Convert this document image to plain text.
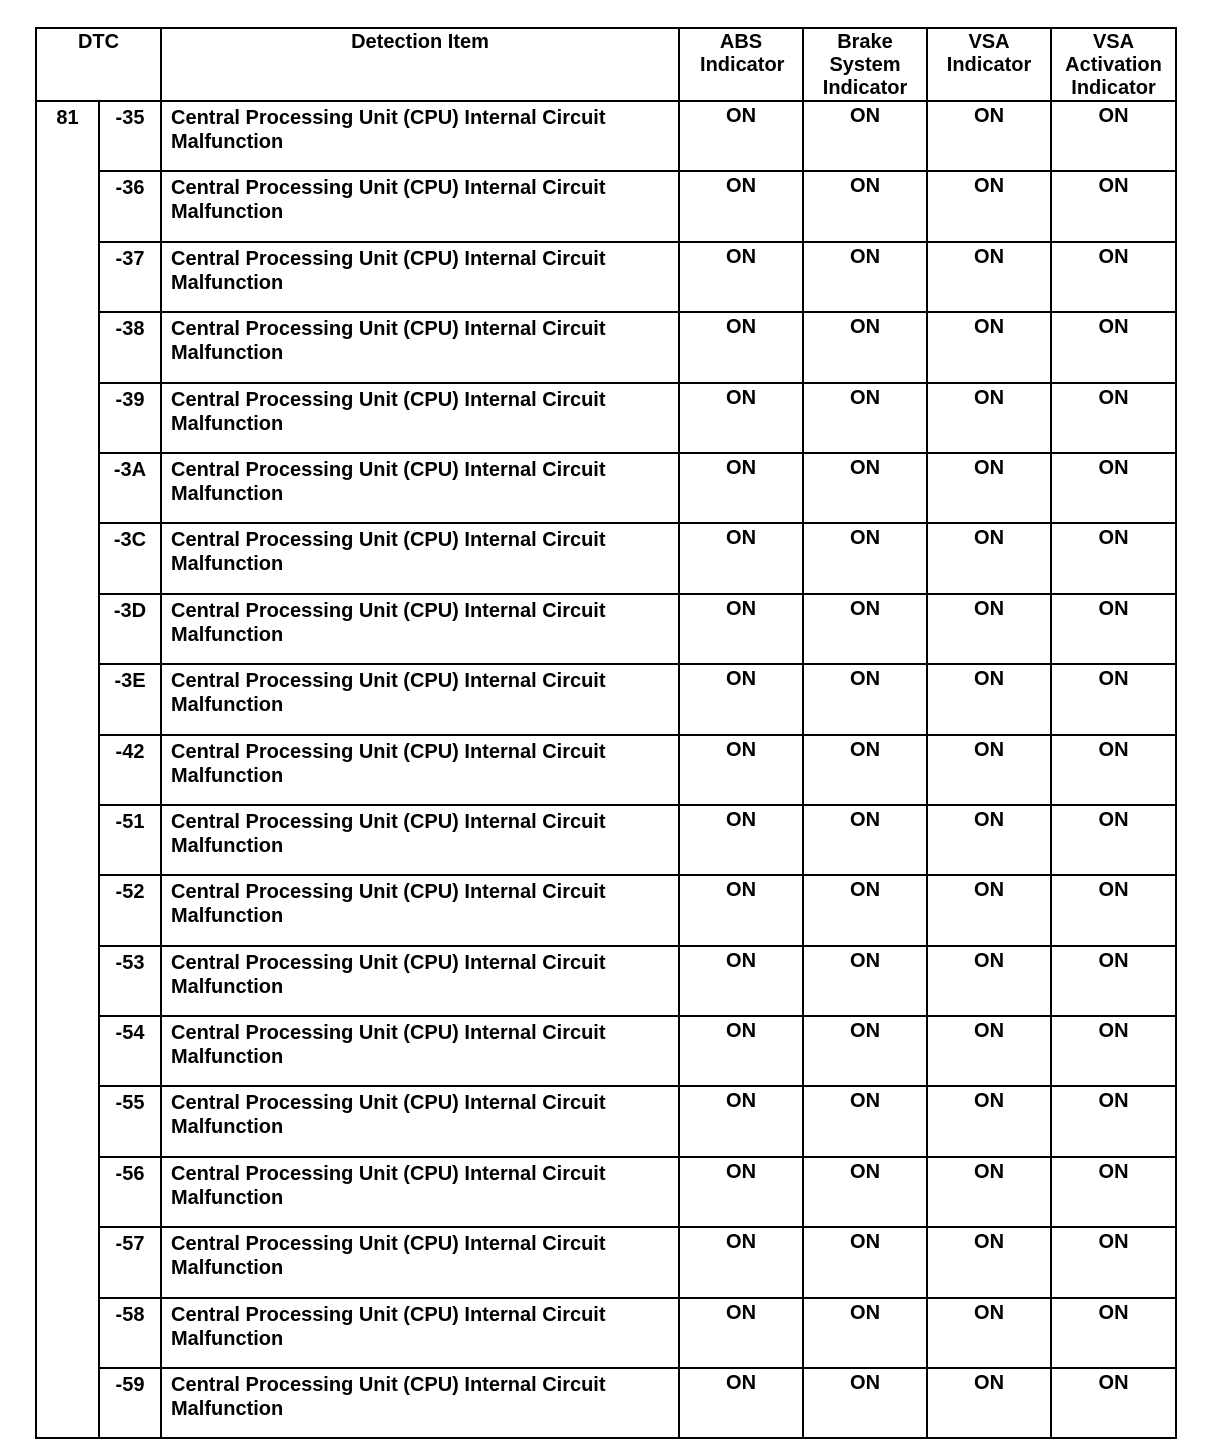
DTC		Detection Item	ABS Indicator	Brake System Indicator	VSA Indicator	VSA Activation Indicator
81	-35	Central Processing Unit (CPU) Internal Circuit Malfunction	ON	ON	ON	ON
	-36	Central Processing Unit (CPU) Internal Circuit Malfunction	ON	ON	ON	ON
	-37	Central Processing Unit (CPU) Internal Circuit Malfunction	ON	ON	ON	ON
	-38	Central Processing Unit (CPU) Internal Circuit Malfunction	ON	ON	ON	ON
	-39	Central Processing Unit (CPU) Internal Circuit Malfunction	ON	ON	ON	ON
	-3A	Central Processing Unit (CPU) Internal Circuit Malfunction	ON	ON	ON	ON
	-3C	Central Processing Unit (CPU) Internal Circuit Malfunction	ON	ON	ON	ON
	-3D	Central Processing Unit (CPU) Internal Circuit Malfunction	ON	ON	ON	ON
	-3E	Central Processing Unit (CPU) Internal Circuit Malfunction	ON	ON	ON	ON
	-42	Central Processing Unit (CPU) Internal Circuit Malfunction	ON	ON	ON	ON
	-51	Central Processing Unit (CPU) Internal Circuit Malfunction	ON	ON	ON	ON
	-52	Central Processing Unit (CPU) Internal Circuit Malfunction	ON	ON	ON	ON
	-53	Central Processing Unit (CPU) Internal Circuit Malfunction	ON	ON	ON	ON
	-54	Central Processing Unit (CPU) Internal Circuit Malfunction	ON	ON	ON	ON
	-55	Central Processing Unit (CPU) Internal Circuit Malfunction	ON	ON	ON	ON
	-56	Central Processing Unit (CPU) Internal Circuit Malfunction	ON	ON	ON	ON
	-57	Central Processing Unit (CPU) Internal Circuit Malfunction	ON	ON	ON	ON
	-58	Central Processing Unit (CPU) Internal Circuit Malfunction	ON	ON	ON	ON
	-59	Central Processing Unit (CPU) Internal Circuit Malfunction	ON	ON	ON	ON
